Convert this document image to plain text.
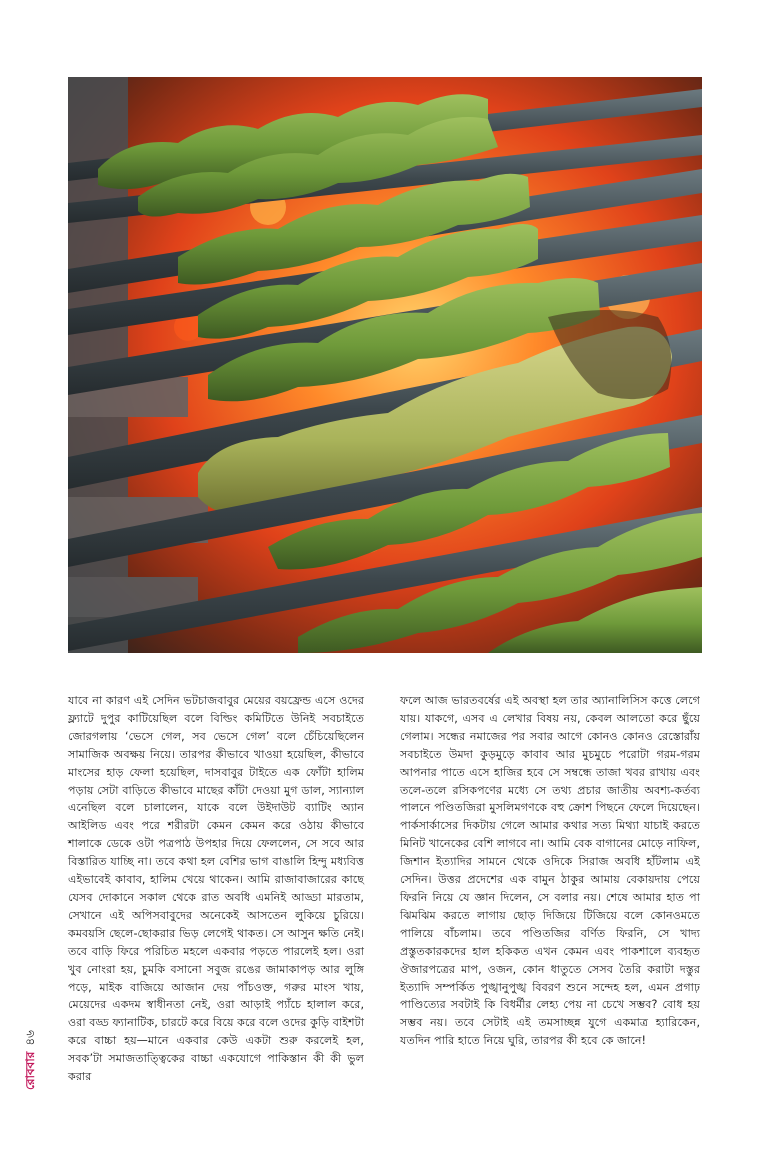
যাবে না কারণ এই সেদিন ভটচাজবাবুর মেয়ের বয়ফ্রেন্ড এসে ওদের ফ্ল্যাটে দুপুর কাটিয়েছিল বলে বিল্ডিং কমিটিতে উনিই সবচাইতে জোরগলায় ‘ভেসে গেল, সব ভেসে গেল’ বলে চেঁচিয়েছিলেন সামাজিক অবক্ষয় নিয়ে। তারপর কীভাবে খাওয়া হয়েছিল, কীভাবে মাংসের হাড় ফেলা হয়েছিল, দাসবাবুর টাইতে এক ফোঁটা হালিম পড়ায় সেটা বাড়িতে কীভাবে মাছের কাঁটা দেওয়া মুগ ডাল, স্যান্যাল এনেছিল বলে চালালেন, যাকে বলে উইদাউট ব্যাটিং অ্যান আইলিড এবং পরে শরীরটা কেমন কেমন করে ওঠায় কীভাবে শালাকে ডেকে ওটা পত্রপাঠ উপহার দিয়ে ফেললেন, সে সবে আর বিস্তারিত যাচ্ছি না। তবে কথা হল বেশির ভাগ বাঙালি হিন্দু মধ্যবিত্ত এইভাবেই কাবাব, হালিম খেয়ে থাকেন। আমি রাজাবাজারের কাছে যেসব দোকানে সকাল থেকে রাত অবধি এমনিই আড্ডা মারতাম, সেখানে এই অপিসবাবুদের অনেকেই আসতেন লুকিয়ে চুরিয়ে। কমবয়সি ছেলে-ছোকরার ভিড় লেগেই থাকত। সে আসুন ক্ষতি নেই। তবে বাড়ি ফিরে পরিচিত মহলে একবার পড়তে পারলেই হল। ওরা খুব নোংরা হয়, চুমকি বসানো সবুজ রঙের জামাকাপড় আর লুঙ্গি পড়ে, মাইক বাজিয়ে আজান দেয় পাঁচওক্ত, গরুর মাংস খায়, মেয়েদের একদম স্বাধীনতা নেই, ওরা আড়াই প্যাঁচে হালাল করে, ওরা বড্ড ফ্যানাটিক, চারটে করে বিয়ে করে বলে ওদের কুড়ি বাইশটা করে বাচ্চা হয়—মানে একবার কেউ একটা শুরু করলেই হল, সবক’টা সমাজতাত্ত্বিকের বাচ্চা একযোগে পাকিস্তান কী কী ভুল করার
ফলে আজ ভারতবর্ষের এই অবস্থা হল তার অ্যানালিসিস কত্তে লেগে যায়। যাকগে, এসব এ লেখার বিষয় নয়, কেবল আলতো করে ছুঁয়ে গেলাম। সন্ধের নমাজের পর সবার আগে কোনও কোনও রেস্তোরাঁয় সবচাইতে উমদা কুড়মুড়ে কাবাব আর মুচমুচে পরোটা গরম-গরম আপনার পাতে এসে হাজির হবে সে সম্বন্ধে তাজা খবর রাখায় এবং তলে-তলে রসিকপণের মধ্যে সে তথ্য প্রচার জাতীয় অবশ্য-কর্তব্য পালনে পণ্ডিতজিরা মুসলিমগণকে বহু ক্রোশ পিছনে ফেলে দিয়েছেন। পার্কসার্কাসের দিকটায় গেলে আমার কথার সত্য মিথ্যা যাচাই করতে মিনিট খানেকের বেশি লাগবে না। আমি বেক বাগানের মোড়ে নাফিল, জিশান ইত্যাদির সামনে থেকে ওদিকে সিরাজ অবধি হাঁটলাম এই সেদিন। উত্তর প্রদেশের এক বামুন ঠাকুর আমায় বেকায়দায় পেয়ে ফিরনি নিয়ে যে জ্ঞান দিলেন, সে বলার নয়। শেষে আমার হাত পা ঝিমঝিম করতে লাগায় ছোড় দিজিয়ে টিজিয়ে বলে কোনওমতে পালিয়ে বাঁচলাম। তবে পণ্ডিতজির বর্ণিত ফিরনি, সে খাদ্য প্রস্তুতকারকদের হাল হকিকত এখন কেমন এবং পাকশালে ব্যবহৃত ঔজারপত্রের মাপ, ওজন, কোন ধাতুতে সেসব তৈরি করাটা দস্তুর ইত্যাদি সম্পর্কিত পুঙ্খানুপুঙ্খ বিবরণ শুনে সন্দেহ হল, এমন প্রগাঢ় পাণ্ডিত্যের সবটাই কি বিধর্মীর লেহ্য পেয় না চেখে সম্ভব? বোধ হয় সম্ভব নয়। তবে সেটাই এই তমসাচ্ছন্ন যুগে একমাত্র হ্যারিকেন, যতদিন পারি হাতে নিয়ে ঘুরি, তারপর কী হবে কে জানে!
রোববার৪৬
